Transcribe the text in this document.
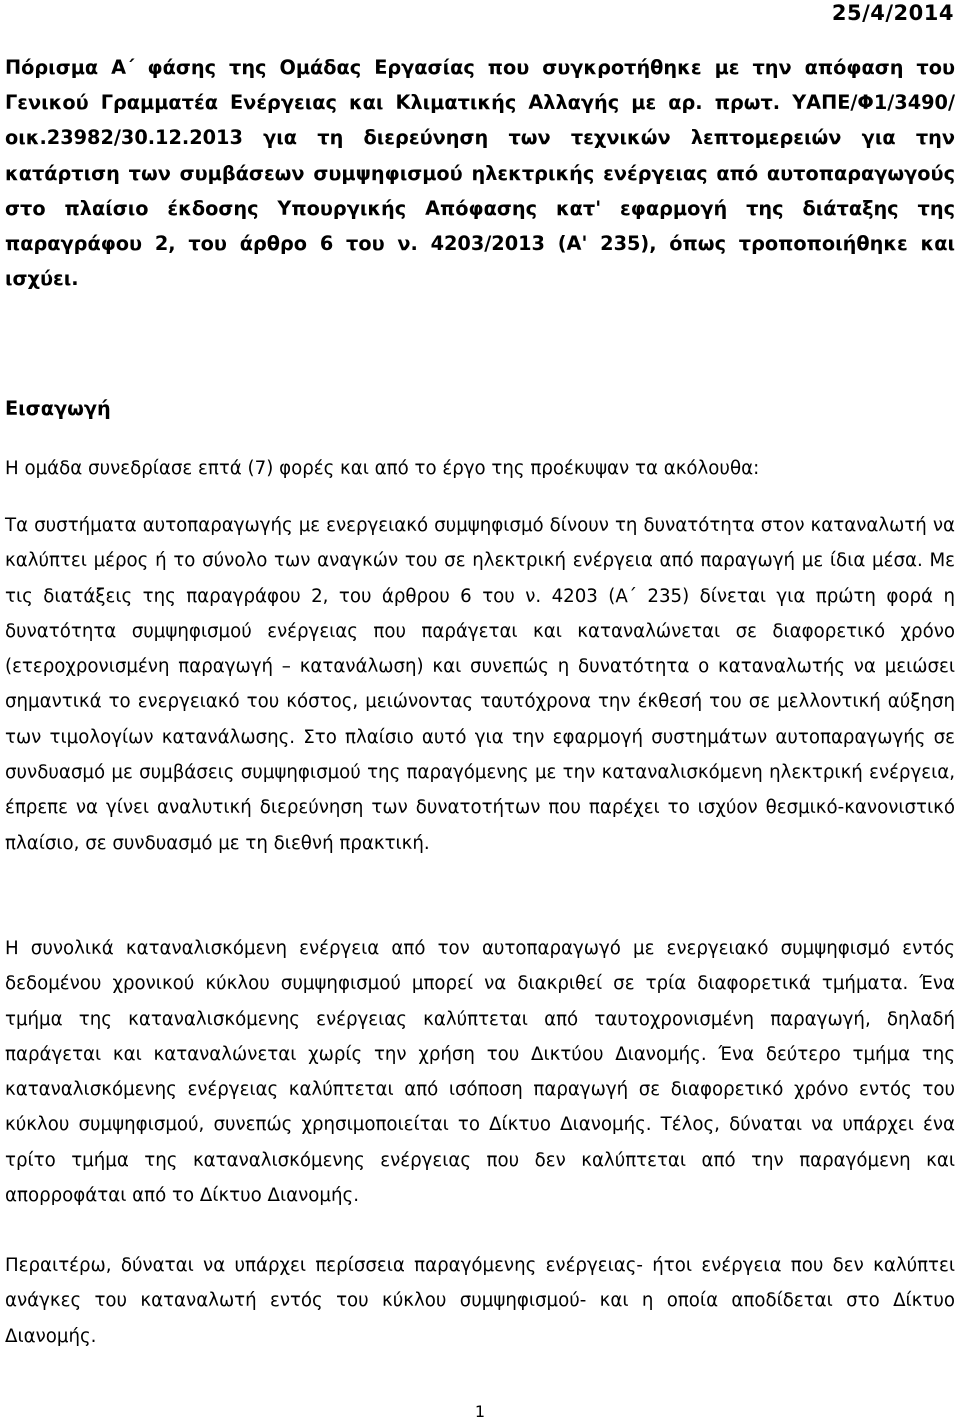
25/4/2014

Πόρισμα Α΄ φάσης της Ομάδας Εργασίας που συγκροτήθηκε με την απόφαση του Γενικού Γραμματέα Ενέργειας και Κλιματικής Αλλαγής με αρ. πρωτ. ΥΑΠΕ/Φ1/3490/οικ.23982/30.12.2013 για τη διερεύνηση των τεχνικών λεπτομερειών για την κατάρτιση των συμβάσεων συμψηφισμού ηλεκτρικής ενέργειας από αυτοπαραγωγούς στο πλαίσιο έκδοσης Υπουργικής Απόφασης κατ' εφαρμογή της διάταξης της παραγράφου 2, του άρθρο 6 του ν. 4203/2013 (Α' 235), όπως τροποποιήθηκε και ισχύει.

Εισαγωγή

Η ομάδα συνεδρίασε επτά (7) φορές και από το έργο της προέκυψαν τα ακόλουθα:

Τα συστήματα αυτοπαραγωγής με ενεργειακό συμψηφισμό δίνουν τη δυνατότητα στον καταναλωτή να καλύπτει μέρος ή το σύνολο των αναγκών του σε ηλεκτρική ενέργεια από παραγωγή με ίδια μέσα. Με τις διατάξεις της παραγράφου 2, του άρθρου 6 του ν. 4203 (Α΄ 235) δίνεται για πρώτη φορά η δυνατότητα συμψηφισμού ενέργειας που παράγεται και καταναλώνεται σε διαφορετικό χρόνο (ετεροχρονισμένη παραγωγή – κατανάλωση) και συνεπώς η δυνατότητα ο καταναλωτής να μειώσει σημαντικά το ενεργειακό του κόστος, μειώνοντας ταυτόχρονα την έκθεσή του σε μελλοντική αύξηση των τιμολογίων κατανάλωσης. Στο πλαίσιο αυτό για την εφαρμογή συστημάτων αυτοπαραγωγής σε συνδυασμό με συμβάσεις συμψηφισμού της παραγόμενης με την καταναλισκόμενη ηλεκτρική ενέργεια, έπρεπε να γίνει αναλυτική διερεύνηση των δυνατοτήτων που παρέχει το ισχύον θεσμικό-κανονιστικό πλαίσιο, σε συνδυασμό με τη διεθνή πρακτική.

Η συνολικά καταναλισκόμενη ενέργεια από τον αυτοπαραγωγό με ενεργειακό συμψηφισμό εντός δεδομένου χρονικού κύκλου συμψηφισμού μπορεί να διακριθεί σε τρία διαφορετικά τμήματα. Ένα τμήμα της καταναλισκόμενης ενέργειας καλύπτεται από ταυτοχρονισμένη παραγωγή, δηλαδή παράγεται και καταναλώνεται χωρίς την χρήση του Δικτύου Διανομής. Ένα δεύτερο τμήμα της καταναλισκόμενης ενέργειας καλύπτεται από ισόποση παραγωγή σε διαφορετικό χρόνο εντός του κύκλου συμψηφισμού, συνεπώς χρησιμοποιείται το Δίκτυο Διανομής. Τέλος, δύναται να υπάρχει ένα τρίτο τμήμα της καταναλισκόμενης ενέργειας που δεν καλύπτεται από την παραγόμενη και απορροφάται από το Δίκτυο Διανομής.

Περαιτέρω, δύναται να υπάρχει περίσσεια παραγόμενης ενέργειας- ήτοι ενέργεια που δεν καλύπτει ανάγκες του καταναλωτή εντός του κύκλου συμψηφισμού- και η οποία αποδίδεται στο Δίκτυο Διανομής.

1
